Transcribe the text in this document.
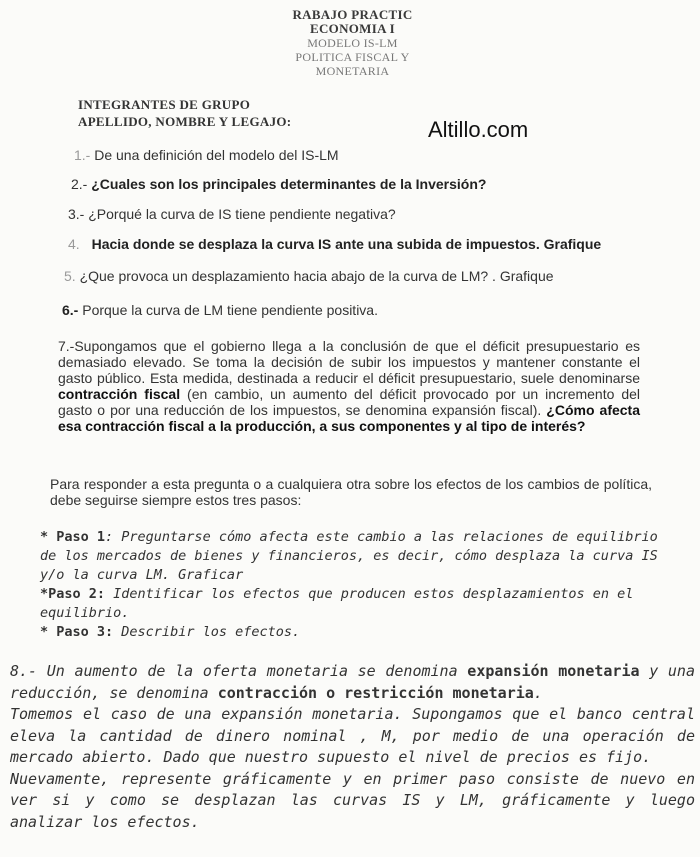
RABAJO PRACTIC
ECONOMIA I
MODELO IS-LM
POLITICA FISCAL Y
MONETARIA
INTEGRANTES DE GRUPO
APELLIDO, NOMBRE Y LEGAJO:	Altillo.com
1.- De una definición del modelo del IS-LM
2.- ¿Cuales son los principales determinantes de la Inversión?
3.- ¿Porqué la curva de IS tiene pendiente negativa?
4. Hacia donde se desplaza la curva IS ante una subida de impuestos. Grafique
5. ¿Que provoca un desplazamiento hacia abajo de la curva de LM? . Grafique
6.- Porque la curva de LM tiene pendiente positiva.
7.-Supongamos que el gobierno llega a la conclusión de que el déficit presupuestario es demasiado elevado. Se toma la decisión de subir los impuestos y mantener constante el gasto público. Esta medida, destinada a reducir el déficit presupuestario, suele denominarse contracción fiscal (en cambio, un aumento del déficit provocado por un incremento del gasto o por una reducción de los impuestos, se denomina expansión fiscal). ¿Cómo afecta esa contracción fiscal a la producción, a sus componentes y al tipo de interés?
Para responder a esta pregunta o a cualquiera otra sobre los efectos de los cambios de política, debe seguirse siempre estos tres pasos:
* Paso 1: Preguntarse cómo afecta este cambio a las relaciones de equilibrio de los mercados de bienes y financieros, es decir, cómo desplaza la curva IS y/o la curva LM. Graficar
*Paso 2: Identificar los efectos que producen estos desplazamientos en el equilibrio.
* Paso 3: Describir los efectos.
8.- Un aumento de la oferta monetaria se denomina expansión monetaria y una reducción, se denomina contracción o restricción monetaria.
Tomemos el caso de una expansión monetaria. Supongamos que el banco central eleva la cantidad de dinero nominal , M, por medio de una operación de mercado abierto. Dado que nuestro supuesto el nivel de precios es fijo.
Nuevamente, represente gráficamente y en primer paso consiste de nuevo en ver si y como se desplazan las curvas IS y LM, gráficamente y luego analizar los efectos.
